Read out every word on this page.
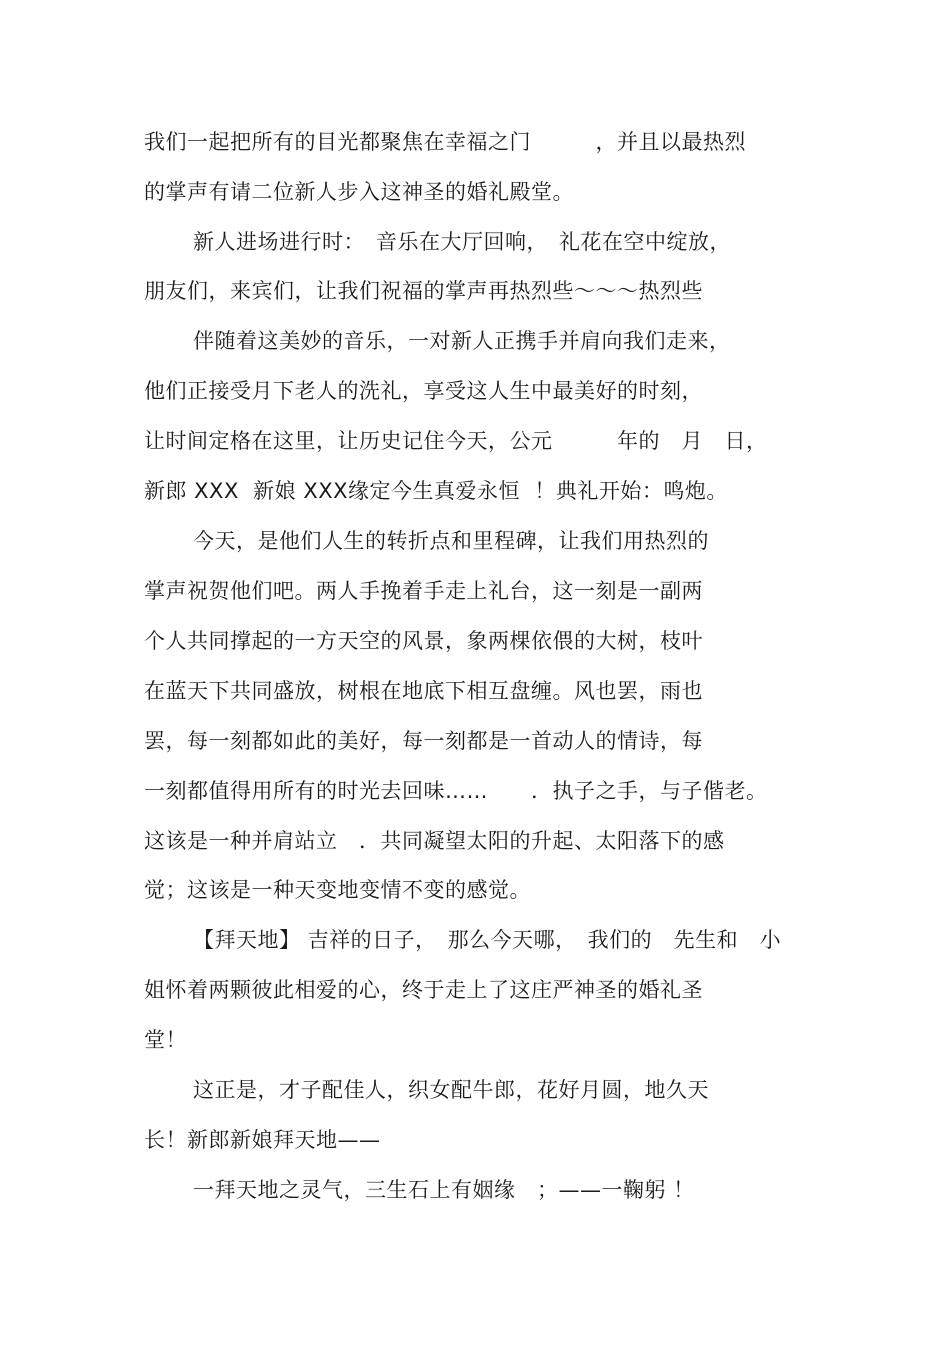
我们一起把所有的目光都聚焦在幸福之门　　　，并且以最热烈
的掌声有请二位新人步入这神圣的婚礼殿堂。
新人进场进行时：　音乐在大厅回响，　礼花在空中绽放，
朋友们，来宾们，让我们祝福的掌声再热烈些～～～热烈些
伴随着这美妙的音乐，一对新人正携手并肩向我们走来，
他们正接受月下老人的洗礼，享受这人生中最美好的时刻，
让时间定格在这里，让历史记住今天，公元　　　年的　月　日，
新郎 XXX  新娘 XXX缘定今生真爱永恒  ！典礼开始：鸣炮。
今天，是他们人生的转折点和里程碑，让我们用热烈的
掌声祝贺他们吧。两人手挽着手走上礼台，这一刻是一副两
个人共同撑起的一方天空的风景，象两棵依偎的大树，枝叶
在蓝天下共同盛放，树根在地底下相互盘缠。风也罢，雨也
罢，每一刻都如此的美好，每一刻都是一首动人的情诗，每
一刻都值得用所有的时光去回味……　　．执子之手，与子偕老。
这该是一种并肩站立　．共同凝望太阳的升起、太阳落下的感
觉；这该是一种天变地变情不变的感觉。
【拜天地】 吉祥的日子，　那么今天哪，　我们的　先生和　小
姐怀着两颗彼此相爱的心，终于走上了这庄严神圣的婚礼圣
堂！
这正是，才子配佳人，织女配牛郎，花好月圆，地久天
长！新郎新娘拜天地——
一拜天地之灵气，三生石上有姻缘　；——一鞠躬 ！
